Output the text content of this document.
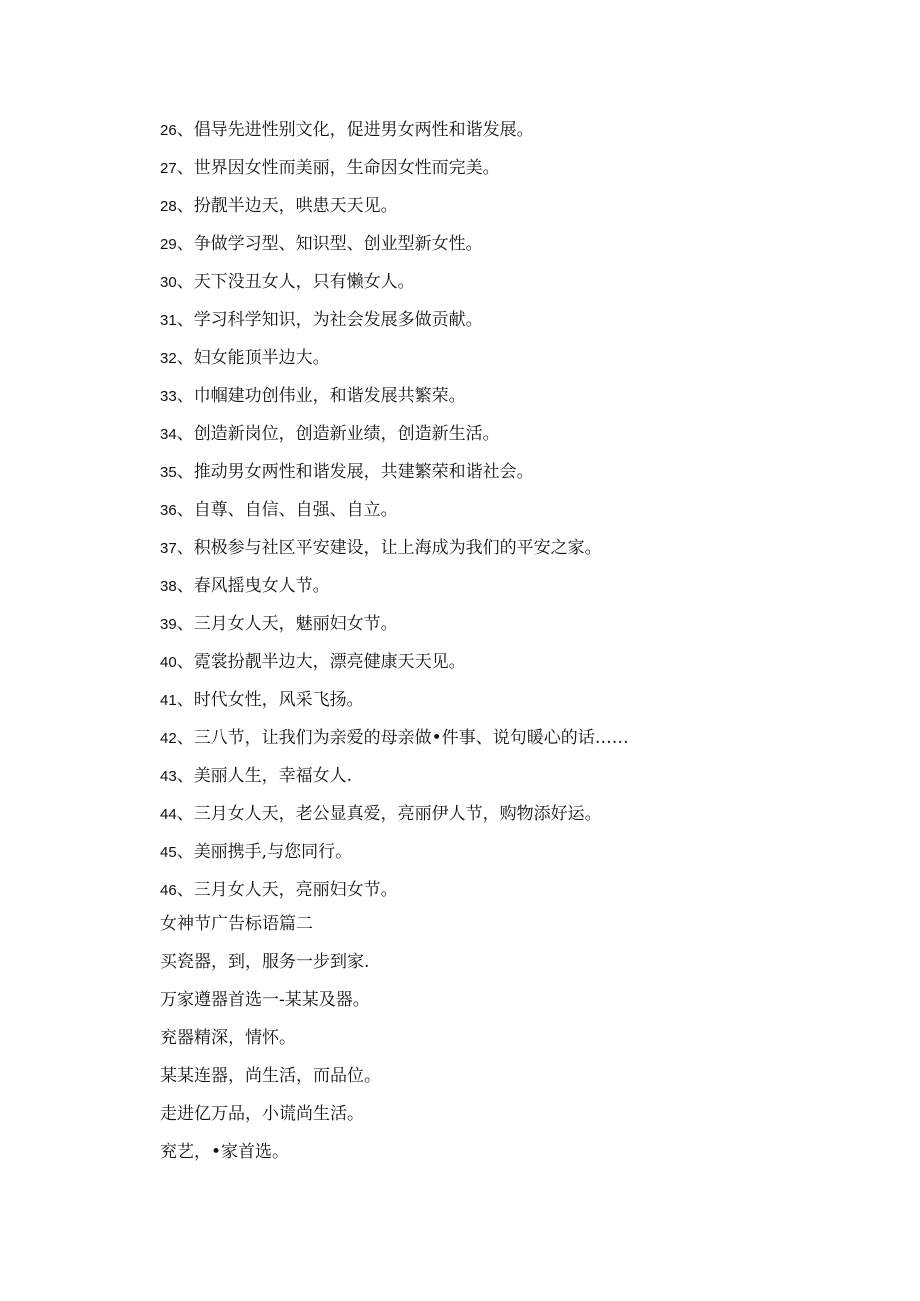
26、倡导先进性别文化，促进男女两性和谐发展。
27、世界因女性而美丽，生命因女性而完美。
28、扮靓半边天，哄患天天见。
29、争做学习型、知识型、创业型新女性。
30、天下没丑女人，只有懒女人。
31、学习科学知识，为社会发展多做贡献。
32、妇女能顶半边大。
33、巾帼建功创伟业，和谐发展共繁荣。
34、创造新岗位，创造新业绩，创造新生活。
35、推动男女两性和谐发展，共建繁荣和谐社会。
36、自尊、自信、自强、自立。
37、积极参与社区平安建设，让上海成为我们的平安之家。
38、春风摇曳女人节。
39、三月女人天，魅丽妇女节。
40、霓裳扮靓半边大，漂亮健康天天见。
41、时代女性，风采飞扬。
42、三八节，让我们为亲爱的母亲做•件事、说句暖心的话……
43、美丽人生，幸福女人.
44、三月女人天，老公显真爱，亮丽伊人节，购物添好运。
45、美丽携手,与您同行。
46、三月女人天，亮丽妇女节。
女神节广告标语篇二
买瓷器，到，服务一步到家.
万家遵器首选一-某某及器。
兖器精深，情怀。
某某连器，尚生活，而品位。
走进亿万品，小谎尚生活。
兖艺，•家首选。
